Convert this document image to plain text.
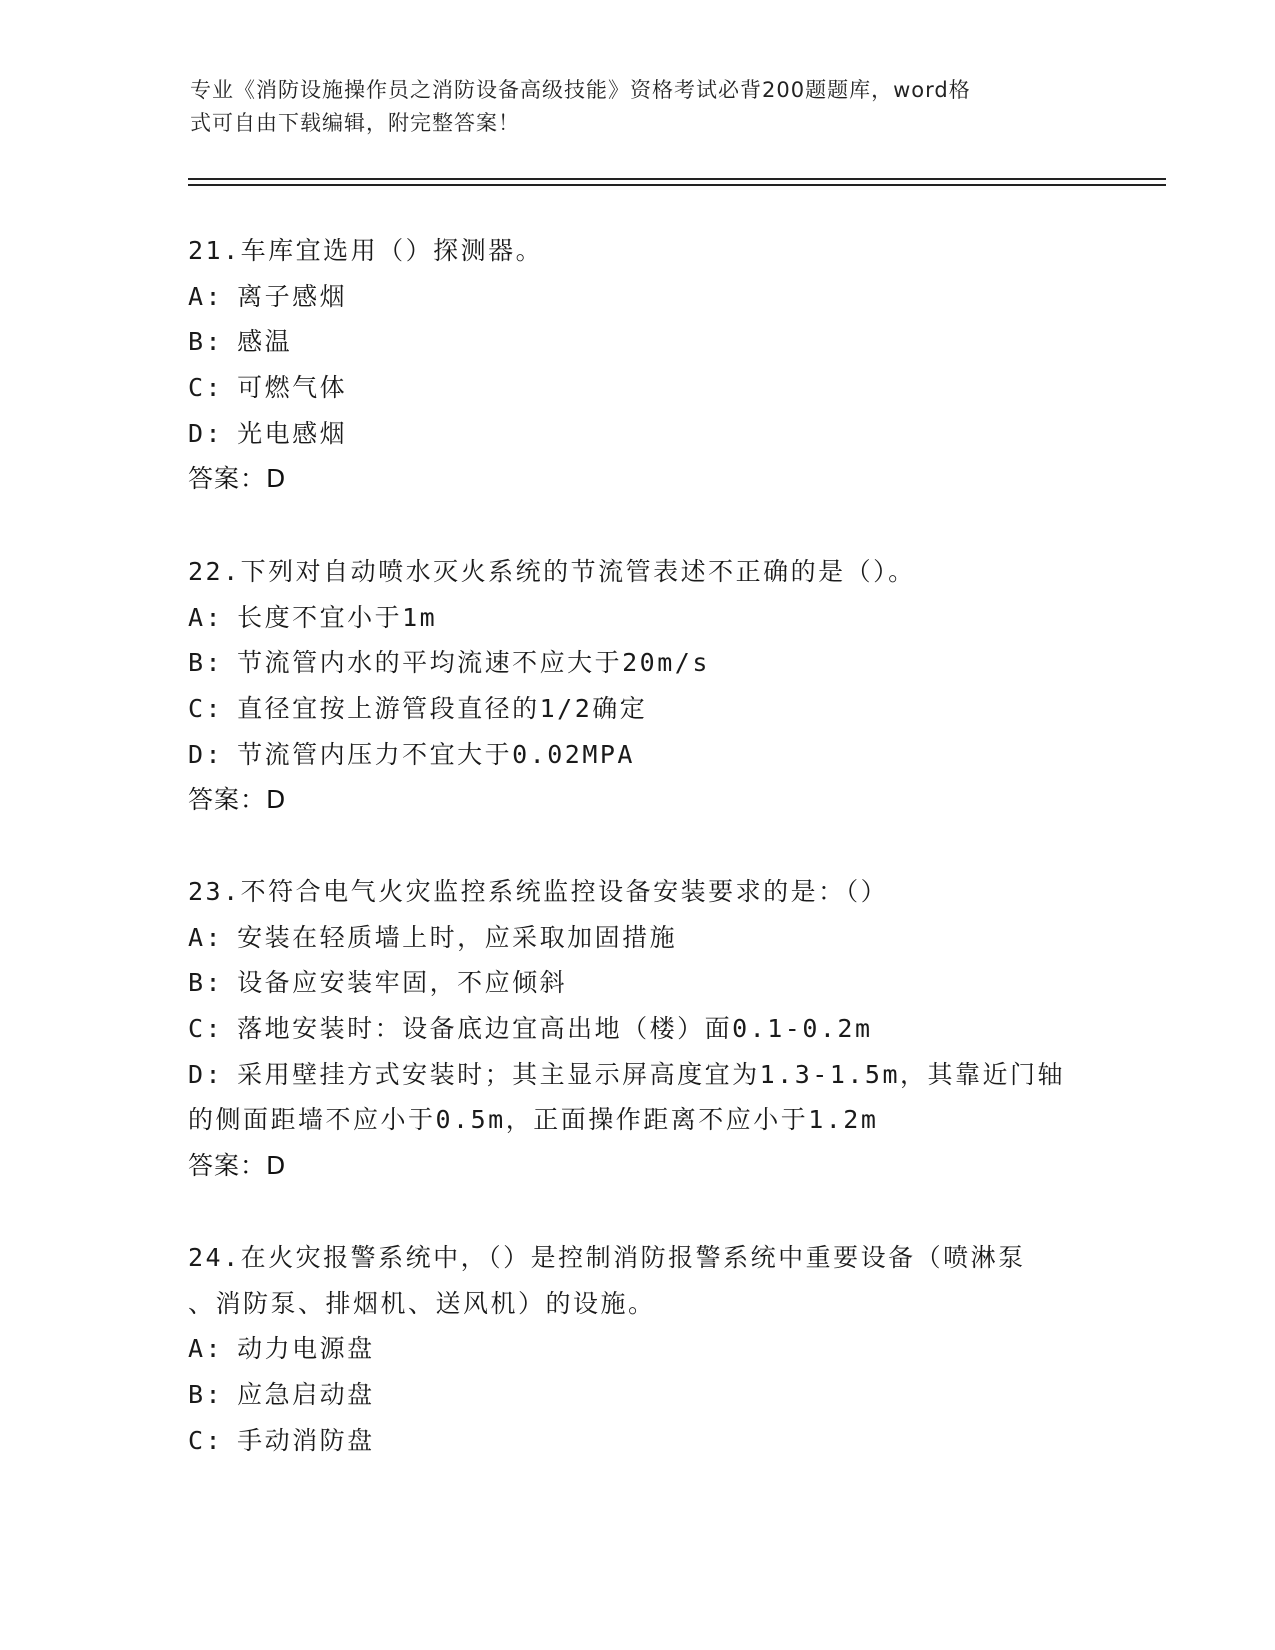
专业《消防设施操作员之消防设备高级技能》资格考试必背200题题库，word格
式可自由下载编辑，附完整答案！
21.车库宜选用（）探测器。
A: 离子感烟
B: 感温
C: 可燃气体
D: 光电感烟
答案：D
22.下列对自动喷水灭火系统的节流管表述不正确的是（）。
A: 长度不宜小于1m
B: 节流管内水的平均流速不应大于20m/s
C: 直径宜按上游管段直径的1/2确定
D: 节流管内压力不宜大于0.02MPA
答案：D
23.不符合电气火灾监控系统监控设备安装要求的是：（）
A: 安装在轻质墙上时，应采取加固措施
B: 设备应安装牢固，不应倾斜
C: 落地安装时：设备底边宜高出地（楼）面0.1-0.2m
D: 采用壁挂方式安装时；其主显示屏高度宜为1.3-1.5m，其靠近门轴
的侧面距墙不应小于0.5m，正面操作距离不应小于1.2m
答案：D
24.在火灾报警系统中，（）是控制消防报警系统中重要设备（喷淋泵
、消防泵、排烟机、送风机）的设施。
A: 动力电源盘
B: 应急启动盘
C: 手动消防盘
